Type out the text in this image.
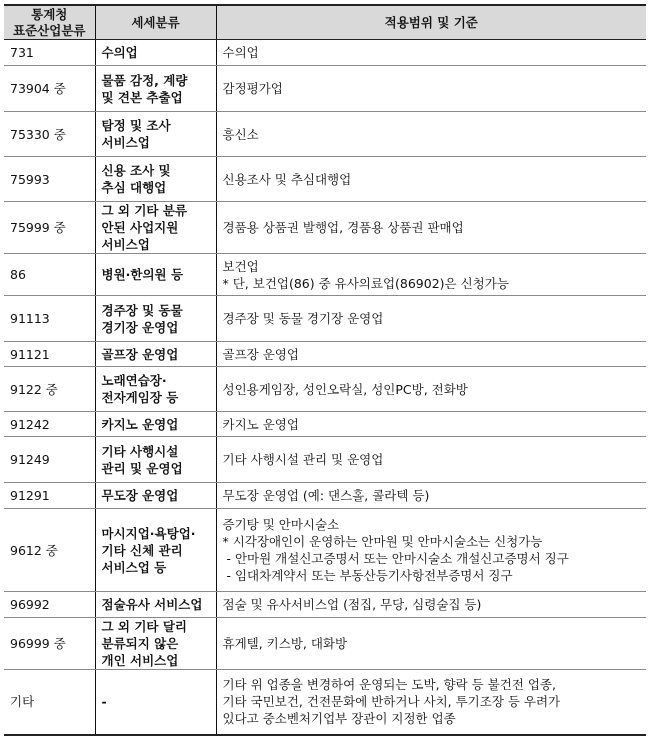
통계청
표준산업분류	세세분류	적용범위 및 기준
731	수의업	수의업

73904 중	물품 감정, 계량
및 견본 추출업	감정평가업

75330 중	탐정 및 조사
서비스업	흥신소

75993	신용 조사 및
추심 대행업	신용조사 및 추심대행업

75999 중	그 외 기타 분류
안된 사업지원
서비스업	경품용 상품권 발행업, 경품용 상품권 판매업

86	병원·한의원 등	보건업
* 단, 보건업(86) 중 유사의료업(86902)은 신청가능

91113	경주장 및 동물
경기장 운영업	경주장 및 동물 경기장 운영업

91121	골프장 운영업	골프장 운영업

9122 중	노래연습장·
전자게임장 등	성인용게임장, 성인오락실, 성인PC방, 전화방

91242	카지노 운영업	카지노 운영업

91249	기타 사행시설
관리 및 운영업	기타 사행시설 관리 및 운영업

91291	무도장 운영업	무도장 운영업 (예: 댄스홀, 콜라텍 등)

9612 중	마시지업·욕탕업·
기타 신체 관리
서비스업 등	증기탕 및 안마시술소
* 시각장애인이 운영하는 안마원 및 안마시술소는 신청가능
- 안마원 개설신고증명서 또는 안마시술소 개설신고증명서 징구
- 임대차계약서 또는 부동산등기사항전부증명서 징구

96992	점술유사 서비스업	점술 및 유사서비스업 (점집, 무당, 심령술집 등)

96999 중	그 외 기타 달리
분류되지 않은
개인 서비스업	휴게텔, 키스방, 대화방

기타	-	기타 위 업종을 변경하여 운영되는 도박, 향락 등 불건전 업종,
기타 국민보건, 건전문화에 반하거나 사치, 투기조장 등 우려가
있다고 중소벤처기업부 장관이 지정한 업종
